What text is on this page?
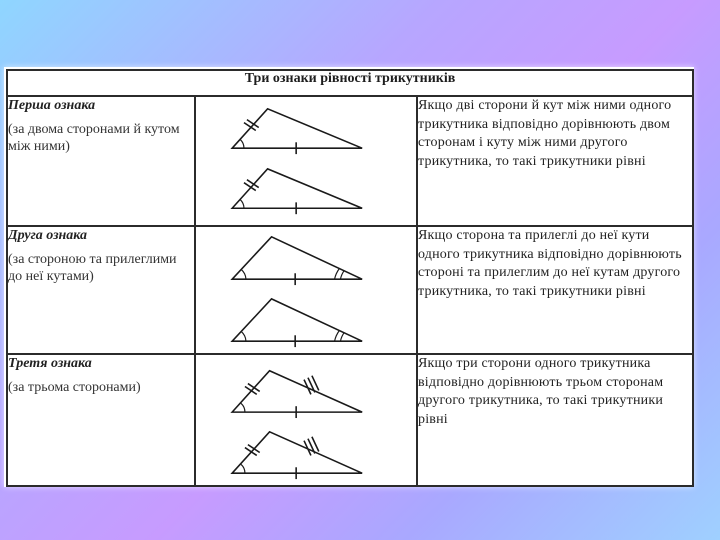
Три ознаки рівності трикутників		

Перша ознака
(за двома сторонами й кутом між ними)		Якщо дві сторони й кут між ними одного трикутника відповідно дорівнюють двом сторонам і куту між ними другого трикутника, то такі трикутники рівні

Друга ознака
(за стороною та прилеглими до неї кутами)		Якщо сторона та прилеглі до неї кути одного трикутника відповідно дорівнюють стороні та прилеглим до неї кутам другого трикутника, то такі трикутники рівні

Третя ознака
(за трьома сторонами)		Якщо три сторони одного трикутника відповідно дорівнюють трьом сторонам другого трикутника, то такі трикутники рівні
